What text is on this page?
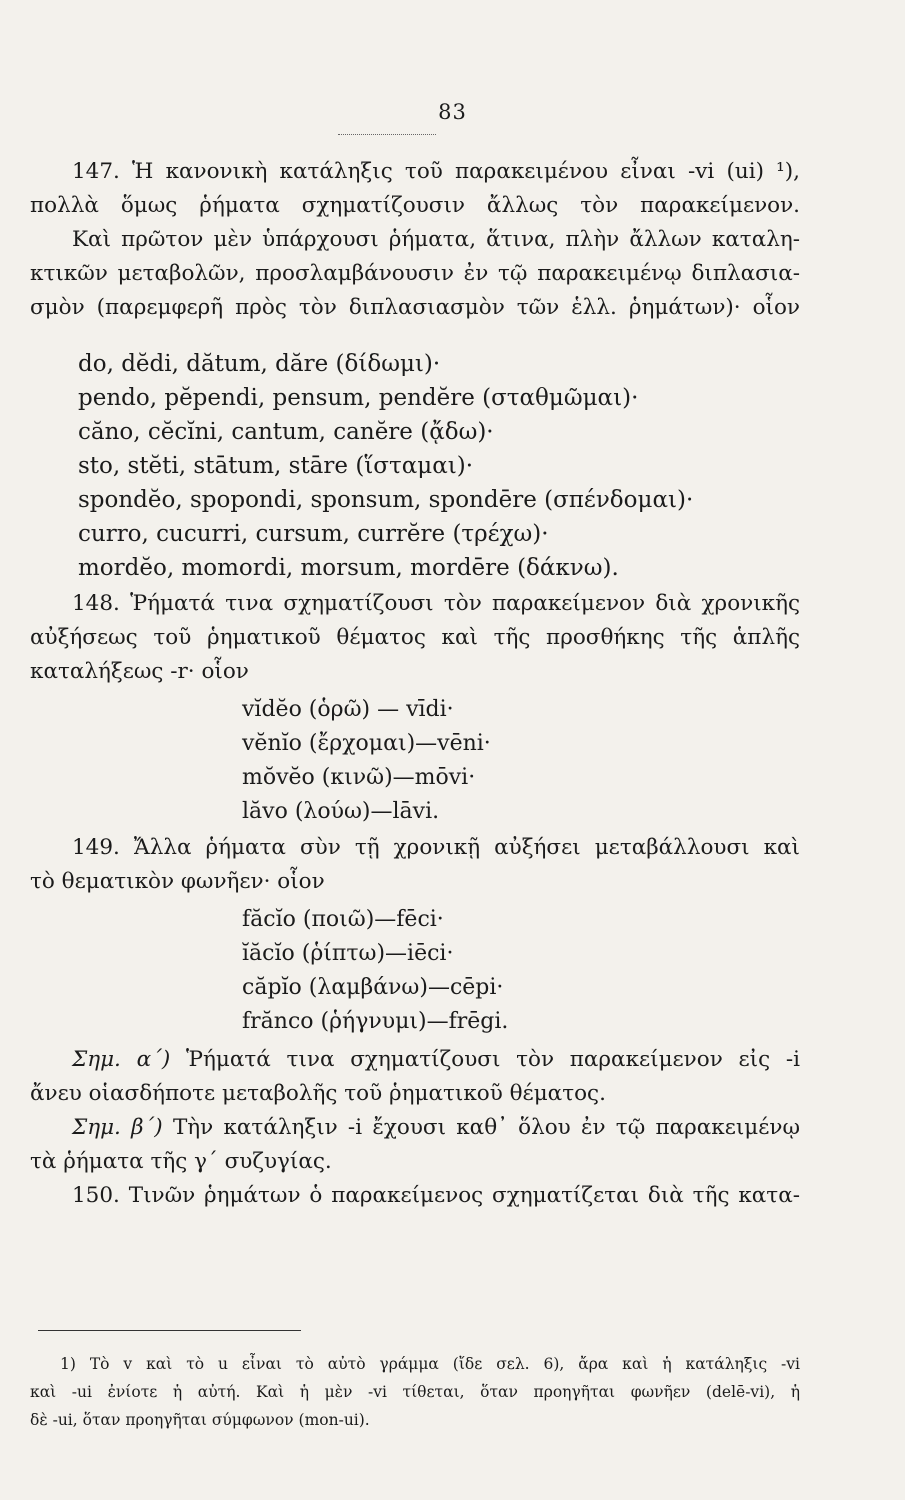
83
147. Ἡ κανονικὴ κατάληξις τοῦ παρακειμένου εἶναι -vi (ui) ¹),
πολλὰ ὅμως ῥήματα σχηματίζουσιν ἄλλως τὸν παρακείμενον.
Καὶ πρῶτον μὲν ὑπάρχουσι ῥήματα, ἅτινα, πλὴν ἄλλων καταλη-
κτικῶν μεταβολῶν, προσλαμβάνουσιν ἐν τῷ παρακειμένῳ διπλασια-
σμὸν (παρεμφερῆ πρὸς τὸν διπλασιασμὸν τῶν ἑλλ. ῥημάτων)· οἷον
do, dĕdi, dătum, dăre (δίδωμι)·
pendo, pĕpendi, pensum, pendĕre (σταθμῶμαι)·
căno, cĕcĭni, cantum, canĕre (ᾄδω)·
sto, stĕti, stātum, stāre (ἵσταμαι)·
spondĕo, spopondi, sponsum, spondēre (σπένδομαι)·
curro, cucurri, cursum, currĕre (τρέχω)·
mordĕo, momordi, morsum, mordēre (δάκνω).
148. Ῥήματά τινα σχηματίζουσι τὸν παρακείμενον διὰ χρονικῆς
αὐξήσεως τοῦ ῥηματικοῦ θέματος καὶ τῆς προσθήκης τῆς ἁπλῆς
καταλήξεως -r· οἷον
vĭdĕo (ὁρῶ) — vīdi·
vĕnĭo (ἔρχομαι)—vēni·
mŏvĕo (κινῶ)—mōvi·
lăvo (λούω)—lāvi.
149. Ἄλλα ῥήματα σὺν τῇ χρονικῇ αὐξήσει μεταβάλλουσι καὶ
τὸ θεματικὸν φωνῆεν· οἷον
făcĭo (ποιῶ)—fēci·
ĭăcĭo (ῥίπτω)—iēci·
căpĭo (λαμβάνω)—cēpi·
frănco (ῥήγνυμι)—frēgi.
Σημ. α΄) Ῥήματά τινα σχηματίζουσι τὸν παρακείμενον εἰς -i
ἄνευ οἱασδήποτε μεταβολῆς τοῦ ῥηματικοῦ θέματος.
Σημ. β΄) Τὴν κατάληξιν -i ἔχουσι καθ᾽ ὅλου ἐν τῷ παρακειμένῳ
τὰ ῥήματα τῆς γ΄ συζυγίας.
150. Τινῶν ῥημάτων ὁ παρακείμενος σχηματίζεται διὰ τῆς κατα-
1) Τὸ v καὶ τὸ u εἶναι τὸ αὐτὸ γράμμα (ἴδε σελ. 6), ἄρα καὶ ἡ κατάληξις -vi
καὶ -ui ἐνίοτε ἡ αὐτή. Καὶ ἡ μὲν -vi τίθεται, ὅταν προηγῆται φωνῆεν (delē-vi), ἡ
δὲ -ui, ὅταν προηγῆται σύμφωνον (mon-ui).
